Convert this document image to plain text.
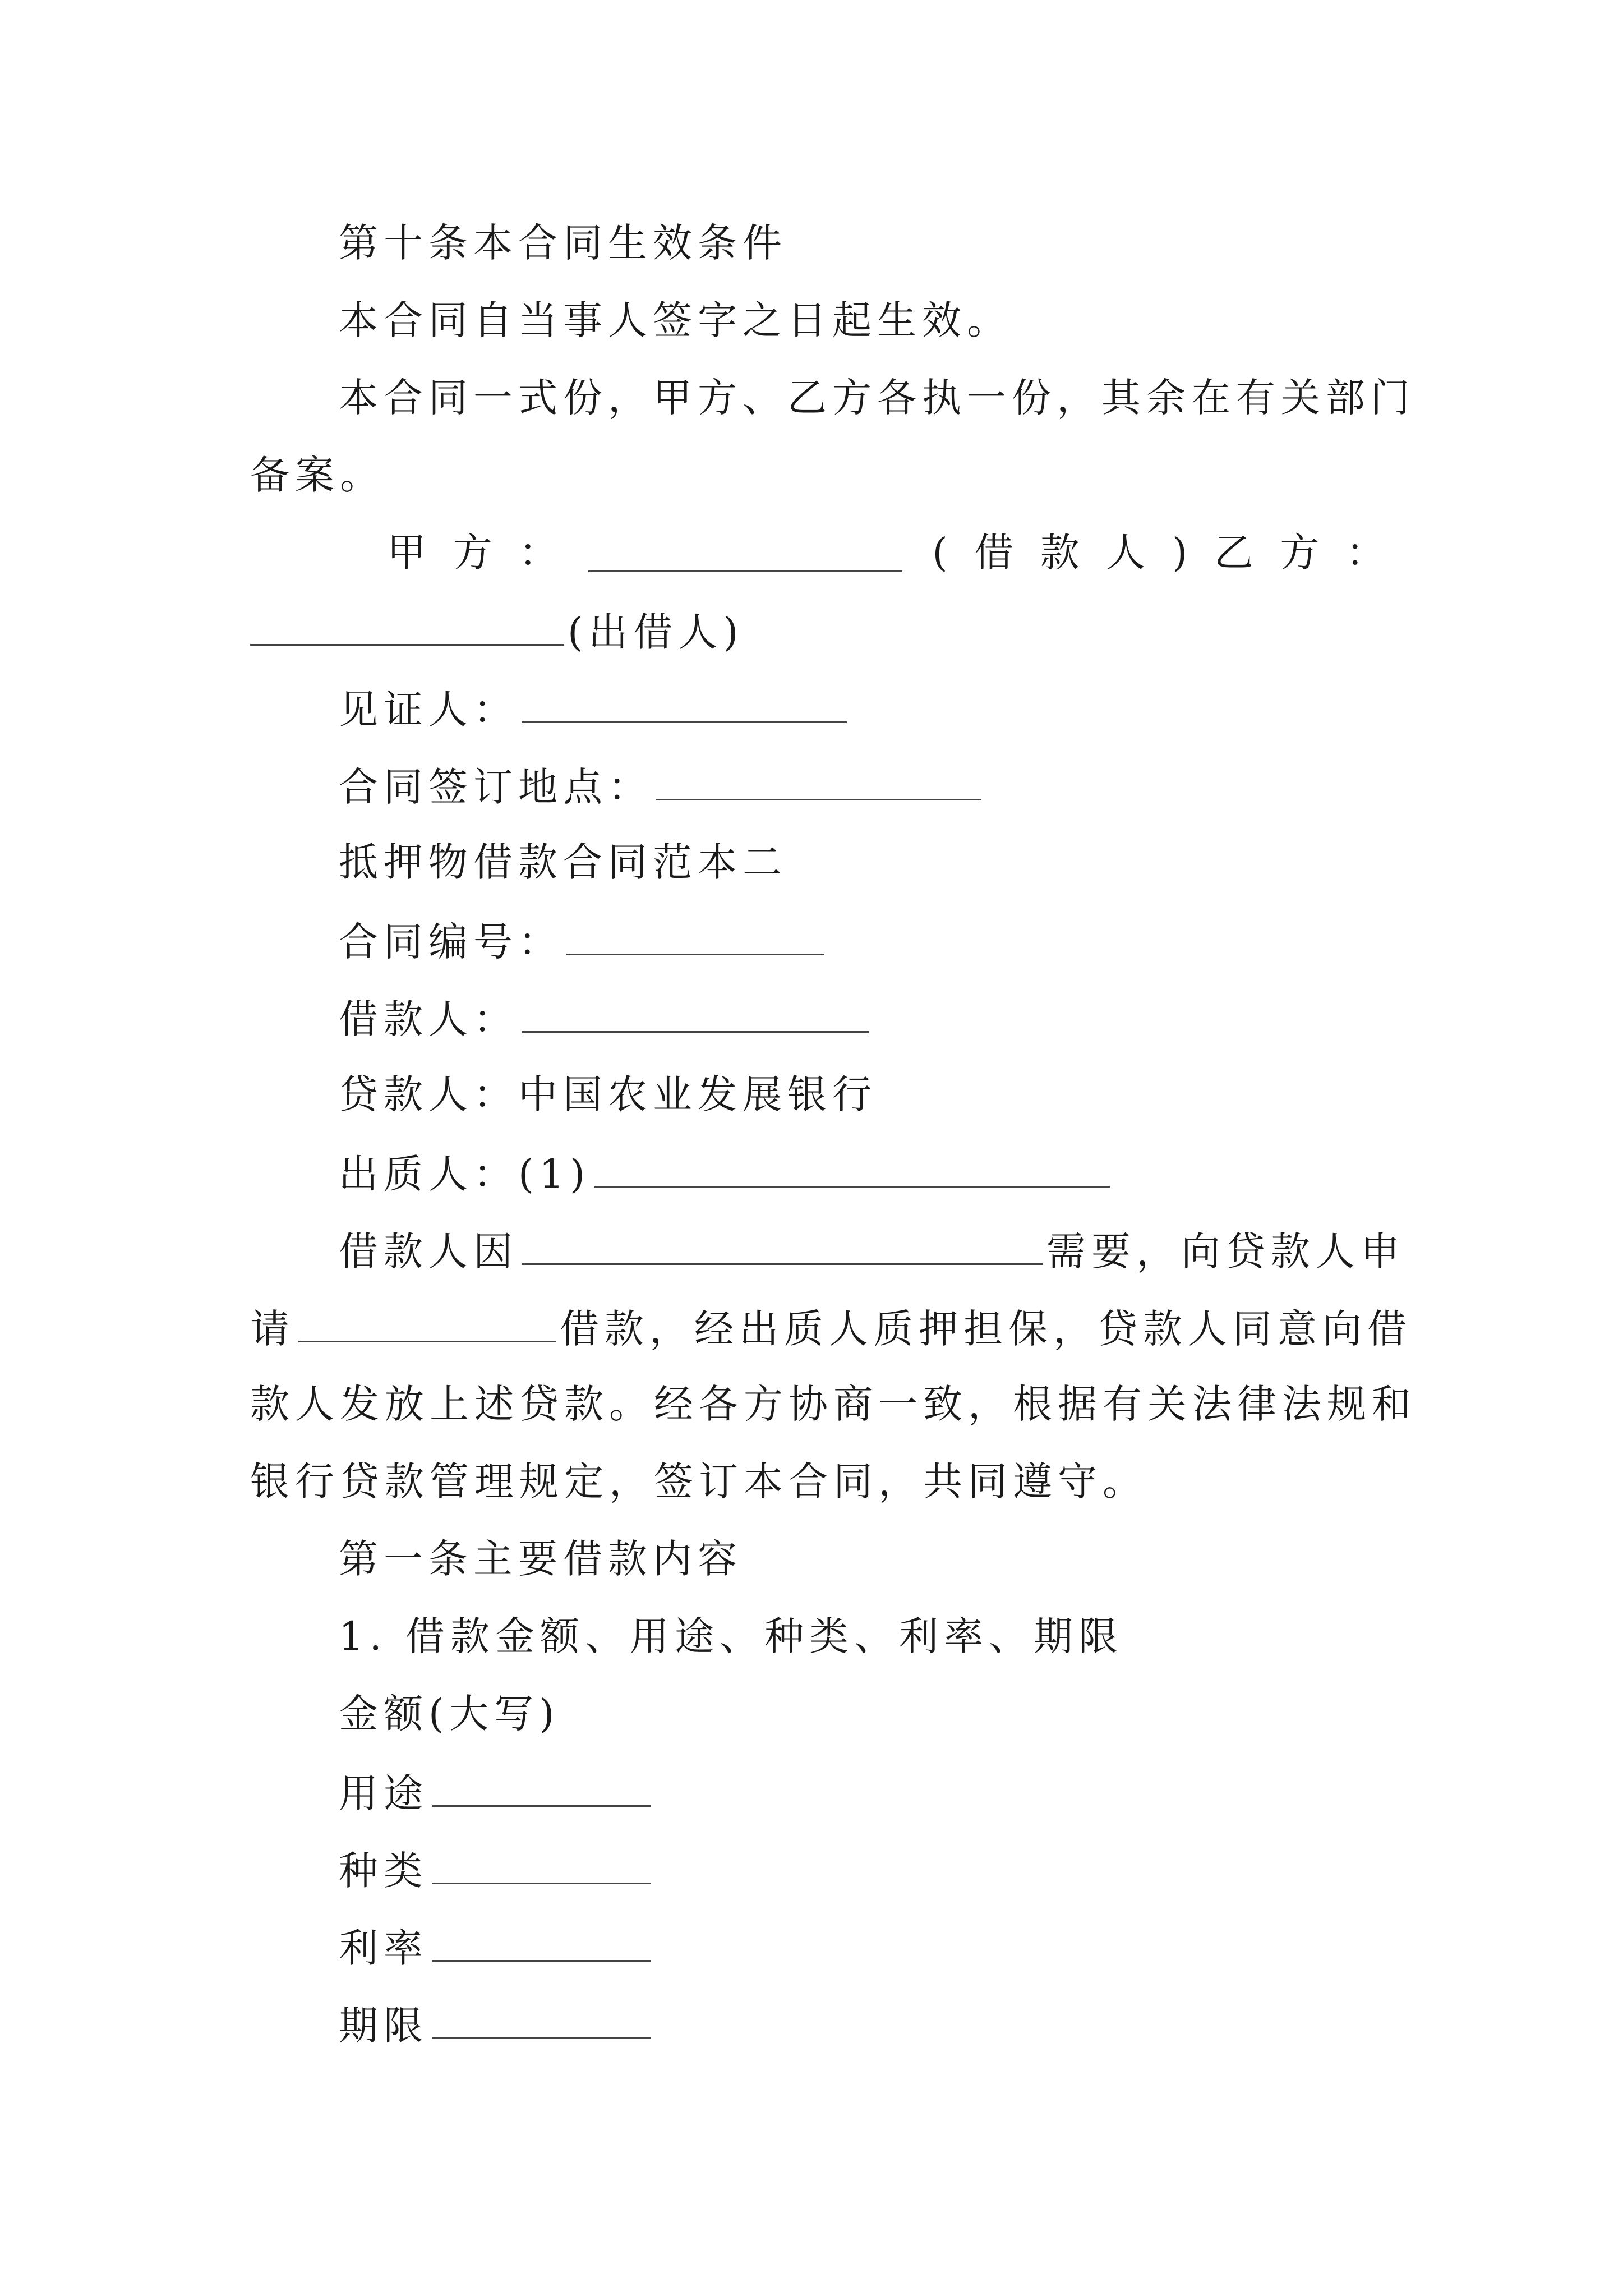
第十条本合同生效条件
本合同自当事人签字之日起生效。
本合同一式份，甲方、乙方各执一份，其余在有关部门
备案。
甲 方 ：	( 借 款 人 ) 乙 方 ：
(出借人)
见证人：
合同签订地点：
抵押物借款合同范本二
合同编号：
借款人：
贷款人：中国农业发展银行
出质人：(1)
借款人因	需要，向贷款人申
请	借款，经出质人质押担保，贷款人同意向借
款人发放上述贷款。经各方协商一致，根据有关法律法规和
银行贷款管理规定，签订本合同，共同遵守。
第一条主要借款内容
1. 借款金额、用途、种类、利率、期限
金额(大写)
用途
种类
利率
期限
